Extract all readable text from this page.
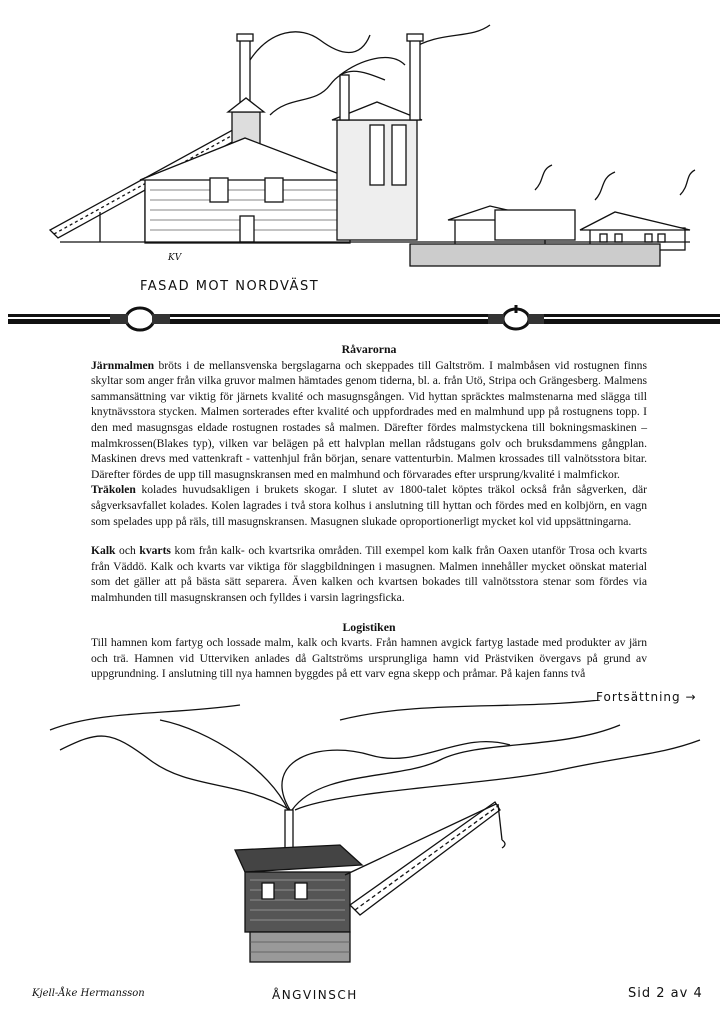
KV
FASAD MOT NORDVÄST

Råvarorna

Järnmalmen bröts i de mellansvenska bergslagarna och skeppades till Galtström. I malmbåsen vid rostugnen finns skyltar som anger från vilka gruvor malmen hämtades genom tiderna, bl. a. från Utö, Stripa och Grängesberg. Malmens sammansättning var viktig för järnets kvalité och masugnsgången. Vid hyttan spräcktes malmstenarna med slägga till knytnävsstora stycken. Malmen sorterades efter kvalité och uppfordrades med en malmhund upp på rostugnens topp. I den med masugnsgas eldade rostugnen rostades så malmen. Därefter fördes malmstyckena till bokningsmaskinen – malmkrossen(Blakes typ), vilken var belägen på ett halvplan mellan rådstugans golv och bruksdammens gångplan. Maskinen drevs med vattenkraft - vattenhjul från början, senare vattenturbin. Malmen krossades till valnötsstora bitar. Därefter fördes de upp till masugnskransen med en malmhund och förvarades efter ursprung/kvalité i malmfickor.

Träkolen kolades huvudsakligen i brukets skogar. I slutet av 1800-talet köptes träkol också från sågverken, där sågverksavfallet kolades. Kolen lagrades i två stora kolhus i anslutning till hyttan och fördes med en kolbjörn, en vagn som spelades upp på räls, till masugnskransen. Masugnen slukade oproportionerligt mycket kol vid uppsättningarna.

Kalk och kvarts kom från kalk- och kvartsrika områden. Till exempel kom kalk från Oaxen utanför Trosa och kvarts från Väddö. Kalk och kvarts var viktiga för slaggbildningen i masugnen. Malmen innehåller mycket oönskat material som det gäller att på bästa sätt separera. Även kalken och kvartsen bokades till valnötsstora stenar som fördes via malmhunden till masugnskransen och fylldes i varsin lagringsficka.

Logistiken

Till hamnen kom fartyg och lossade malm, kalk och kvarts. Från hamnen avgick fartyg lastade med produkter av järn och trä. Hamnen vid Utterviken anlades då Galtströms ursprungliga hamn vid Prästviken övergavs på grund av uppgrundning. I anslutning till nya hamnen byggdes på ett varv egna skepp och pråmar. På kajen fanns två

Fortsättning →
Kjell-Åke Hermansson	ÅNGVINSCH	Sid 2 av 4
